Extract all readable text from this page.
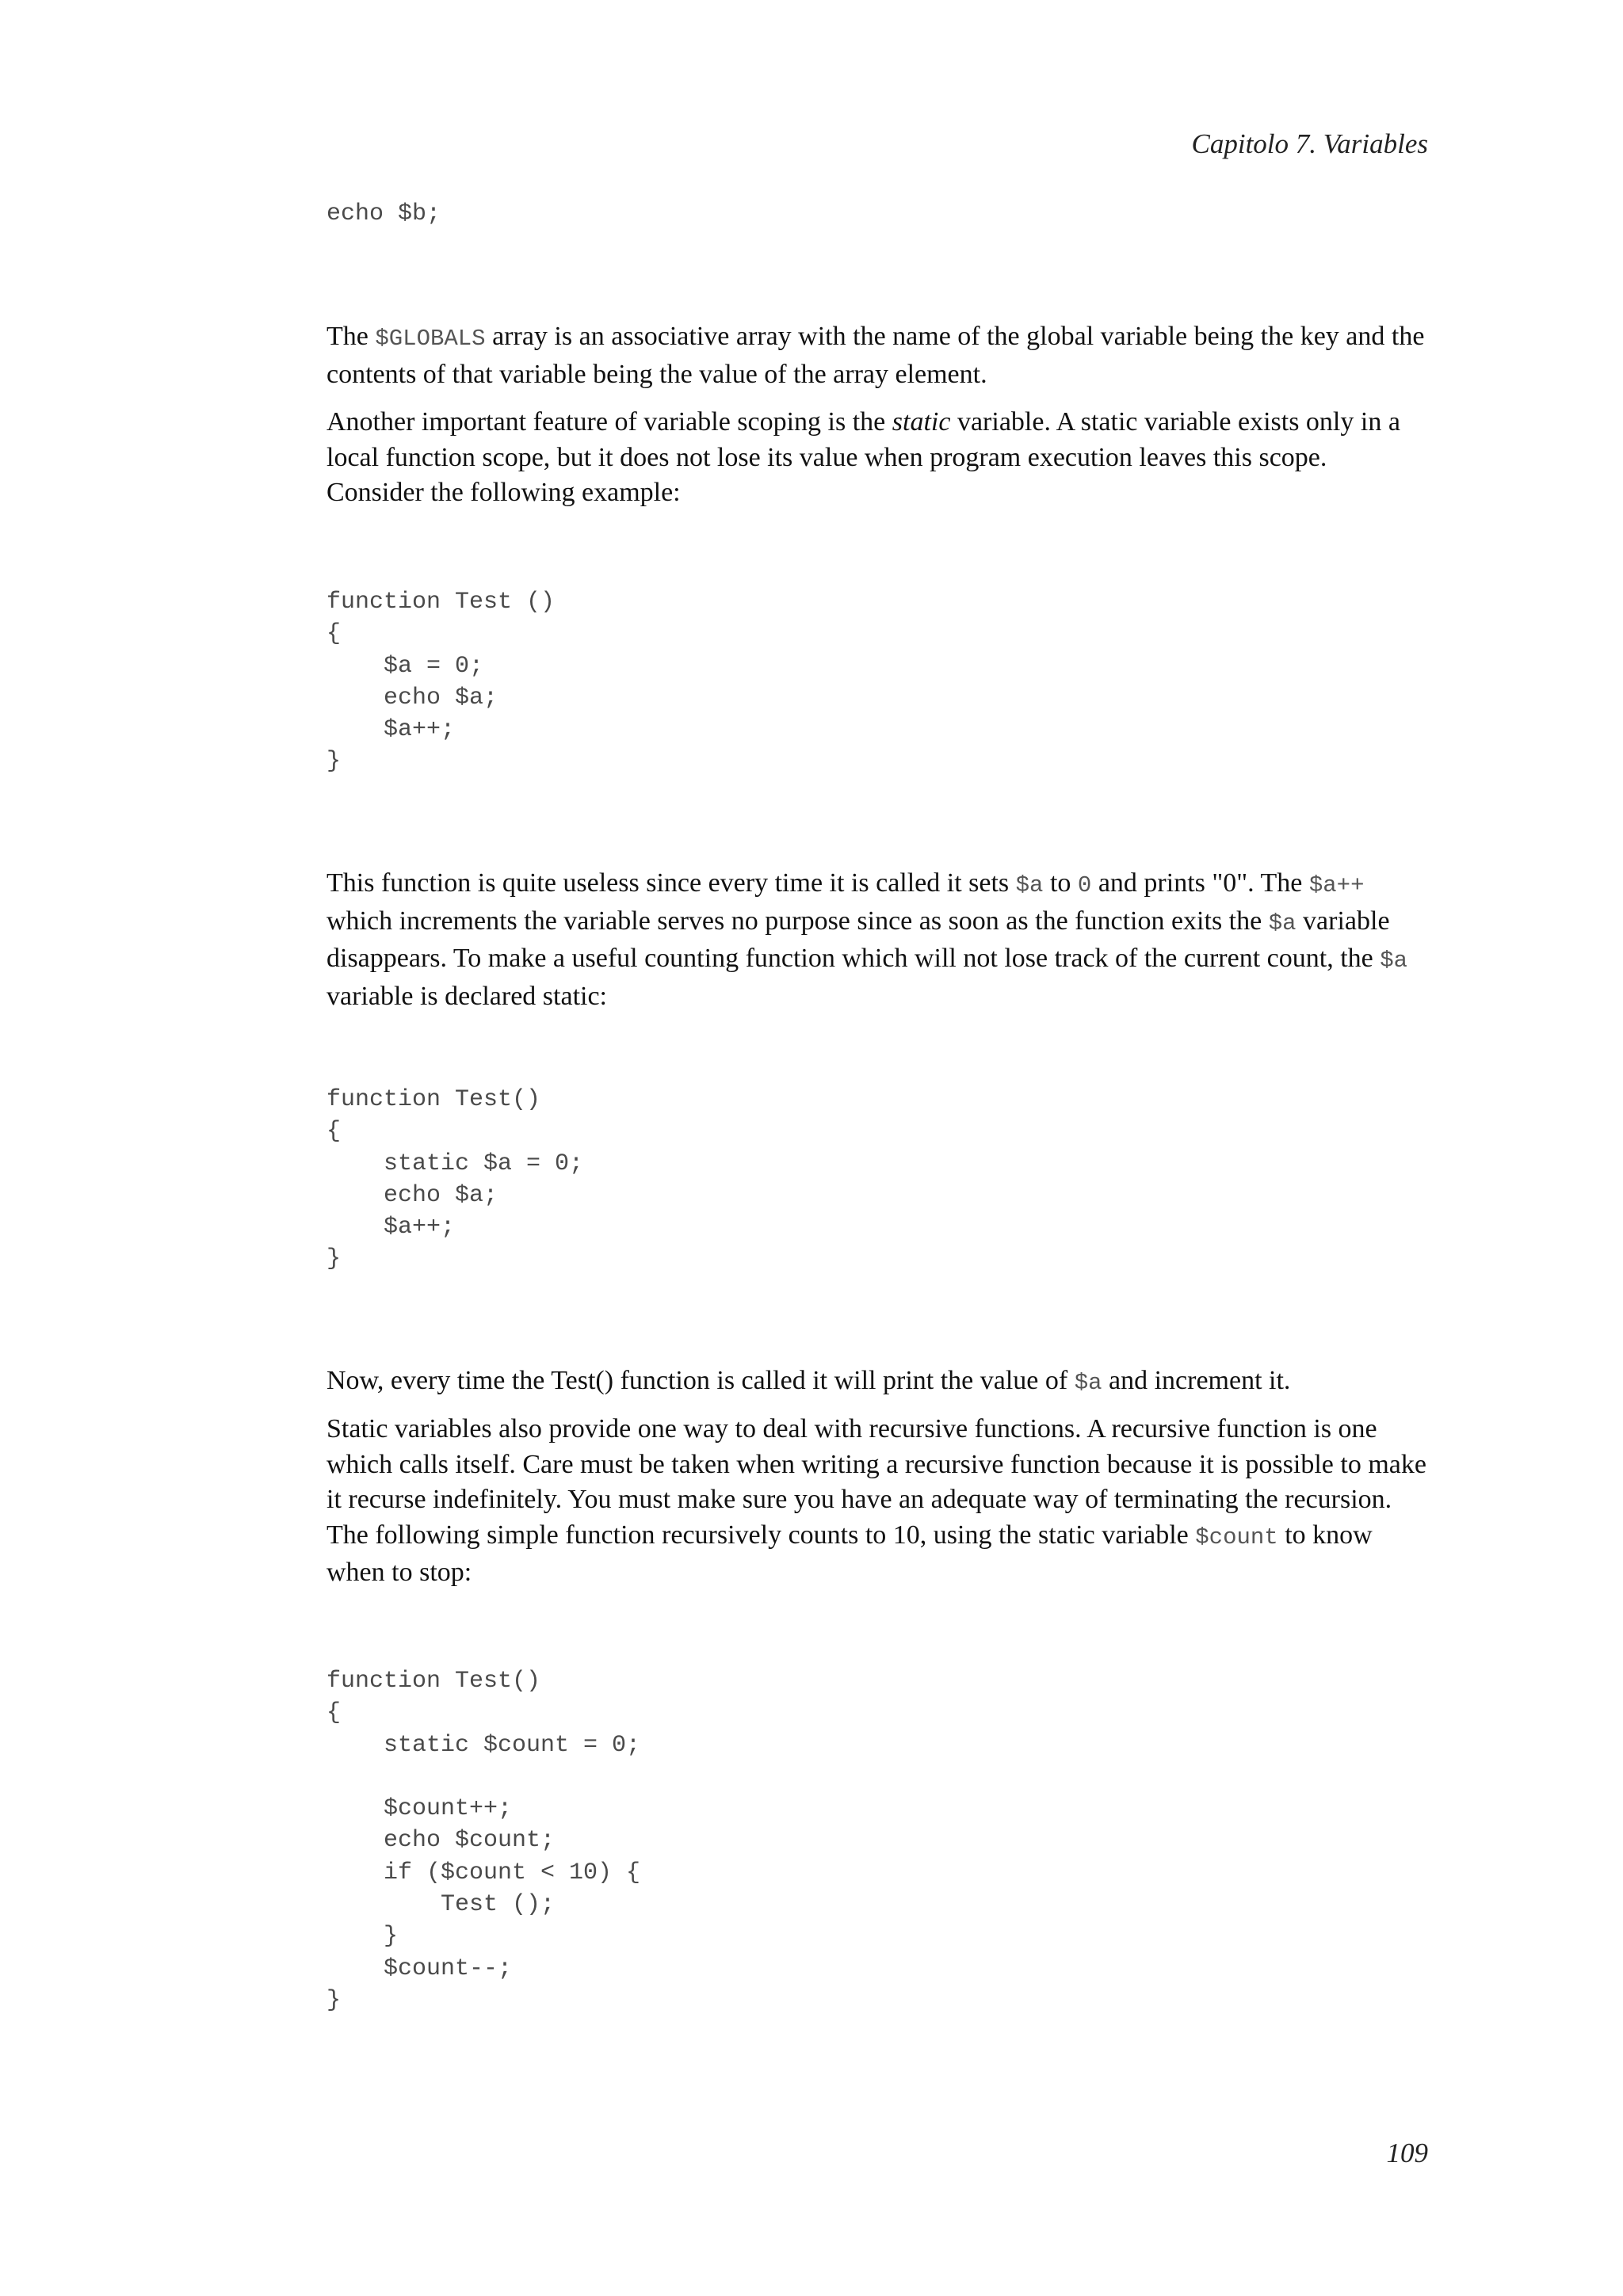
Capitolo 7. Variables
echo $b;

The $GLOBALS array is an associative array with the name of the global variable being the key and the contents of that variable being the value of the array element.

Another important feature of variable scoping is the static variable. A static variable exists only in a local function scope, but it does not lose its value when program execution leaves this scope. Consider the following example:

function Test ()
{
$a = 0;
echo $a;
$a++;
}

This function is quite useless since every time it is called it sets $a to 0 and prints "0". The $a++ which increments the variable serves no purpose since as soon as the function exits the $a variable disappears. To make a useful counting function which will not lose track of the current count, the $a variable is declared static:

function Test()
{
static $a = 0;
echo $a;
$a++;
}

Now, every time the Test() function is called it will print the value of $a and increment it.

Static variables also provide one way to deal with recursive functions. A recursive function is one which calls itself. Care must be taken when writing a recursive function because it is possible to make it recurse indefinitely. You must make sure you have an adequate way of terminating the recursion. The following simple function recursively counts to 10, using the static variable $count to know when to stop:

function Test()
{
static $count = 0;

$count++;
echo $count;
if ($count < 10) {
Test ();
}
$count--;
}
109
